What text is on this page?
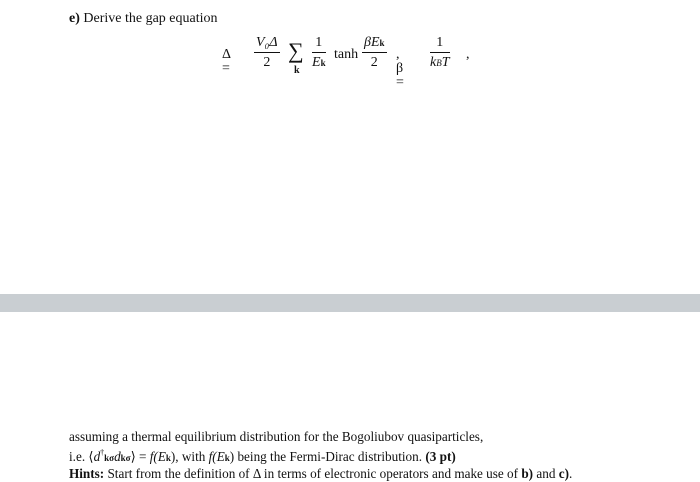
e) Derive the gap equation
$\Delta = \frac{\text{V₀Δ}}{2}$ ∑
k
$\frac{1}{Ek}$ tanh
βEk
2
, β =
1
kBT
,
assuming a thermal equilibrium distribution for the Bogoliubov quasiparticles,
i.e. ⟨d†kσdkσ⟩ = f(Ek), with f(Ek) being the Fermi-Dirac distribution. (3 pt)
Hints: Start from the definition of Δ in terms of electronic operators and make use of b) and c).
